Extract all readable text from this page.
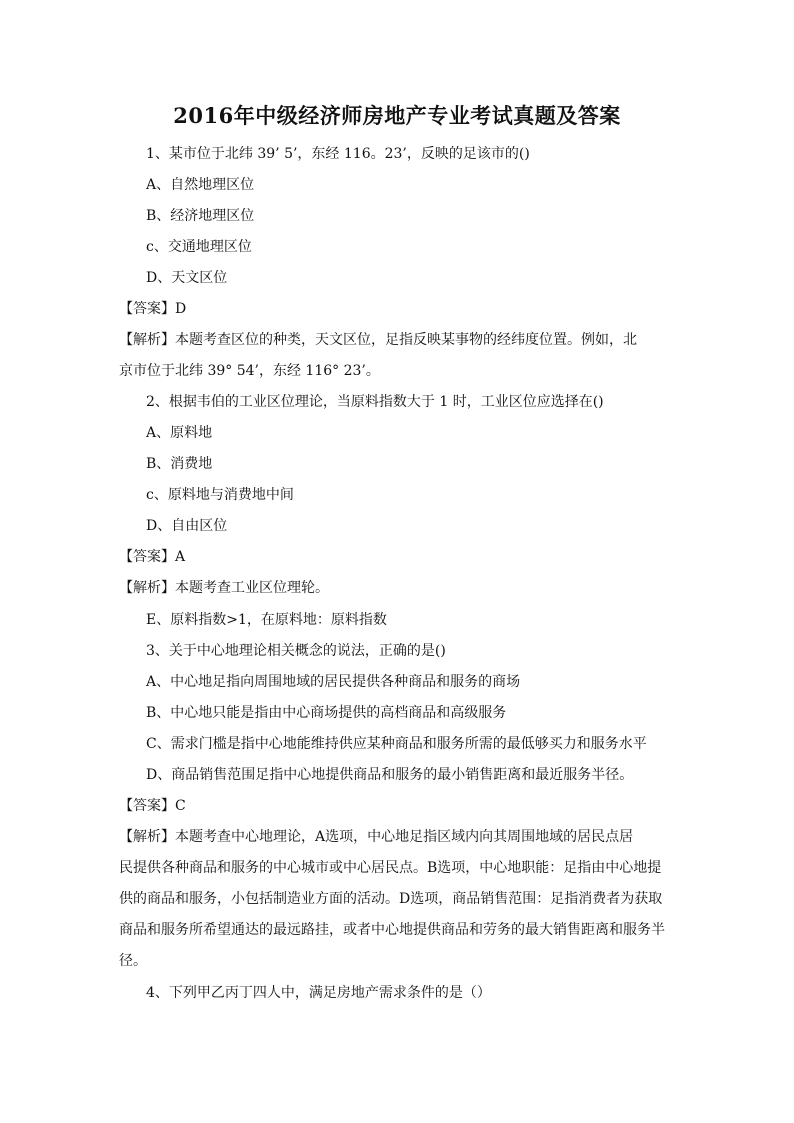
2016年中级经济师房地产专业考试真题及答案
1、某市位于北纬 39’ 5’，东经 116。23’，反映的足该市的()
A、自然地理区位
B、经济地理区位
c、交通地理区位
D、天文区位
【答案】D
【解析】本题考查区位的种类，天文区位，足指反映某事物的经纬度位置。例如，北
京市位于北纬 39° 54’，东经 116° 23’。
2、根据韦伯的工业区位理论，当原料指数大于 1 时，工业区位应选择在()
A、原料地
B、消费地
c、原料地与消费地中间
D、自由区位
【答案】A
【解析】本题考查工业区位理轮。
E、原料指数>1，在原料地：原料指数
3、关于中心地理论相关概念的说法，正确的是()
A、中心地足指向周围地域的居民提供各种商品和服务的商场
B、中心地只能是指由中心商场提供的高档商品和高级服务
C、需求门槛是指中心地能维持供应某种商品和服务所需的最低够买力和服务水平
D、商品销售范围足指中心地提供商品和服务的最小销售距离和最近服务半径。
【答案】C
【解析】本题考查中心地理论，A选项，中心地足指区域内向其周围地域的居民点居
民提供各种商品和服务的中心城市或中心居民点。B选项，中心地职能：足指由中心地提
供的商品和服务，小包括制造业方面的活动。D选项，商品销售范围：足指消费者为获取
商品和服务所希望通达的最远路挂，或者中心地提供商品和劳务的最大销售距离和服务半
径。
4、下列甲乙丙丁四人中，满足房地产需求条件的是（）
